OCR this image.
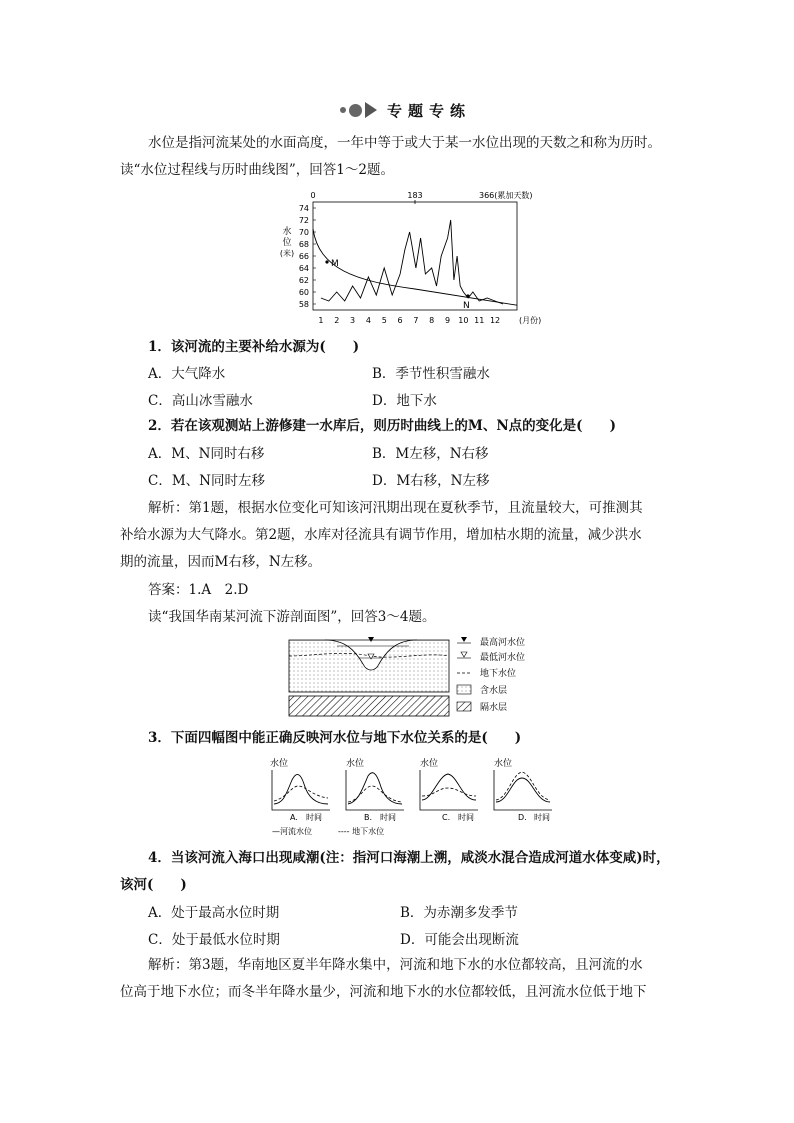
专题专练
水位是指河流某处的水面高度，一年中等于或大于某一水位出现的天数之和称为历时。
读“水位过程线与历时曲线图”，回答1～2题。
0	183	366(累加天数)
水
位
(米)
74
72
70
68
66
64
62
60
58
1 2 3 4 5 6 7 8 9 10 11 12 (月份)
M
N
1．该河流的主要补给水源为(　　)
A．大气降水	B．季节性积雪融水
C．高山冰雪融水	D．地下水
2．若在该观测站上游修建一水库后，则历时曲线上的M、N点的变化是(　　)
A．M、N同时右移	B．M左移，N右移
C．M、N同时左移	D．M右移，N左移
解析：第1题，根据水位变化可知该河汛期出现在夏秋季节，且流量较大，可推测其
补给水源为大气降水。第2题，水库对径流具有调节作用，增加枯水期的流量，减少洪水
期的流量，因而M右移，N左移。
答案：1.A　2.D
读“我国华南某河流下游剖面图”，回答3～4题。
最高河水位
最低河水位
地下水位
含水层
隔水层
3．下面四幅图中能正确反映河水位与地下水位关系的是(　　)
水位
A. 时间
水位
B. 时间
水位
C. 时间
水位
D. 时间
—河流水位	---- 地下水位
4．当该河流入海口出现咸潮(注：指河口海潮上溯，咸淡水混合造成河道水体变咸)时，
该河(　　)
A．处于最高水位时期	B．为赤潮多发季节
C．处于最低水位时期	D．可能会出现断流
解析：第3题，华南地区夏半年降水集中，河流和地下水的水位都较高，且河流的水
位高于地下水位；而冬半年降水量少，河流和地下水的水位都较低，且河流水位低于地下
